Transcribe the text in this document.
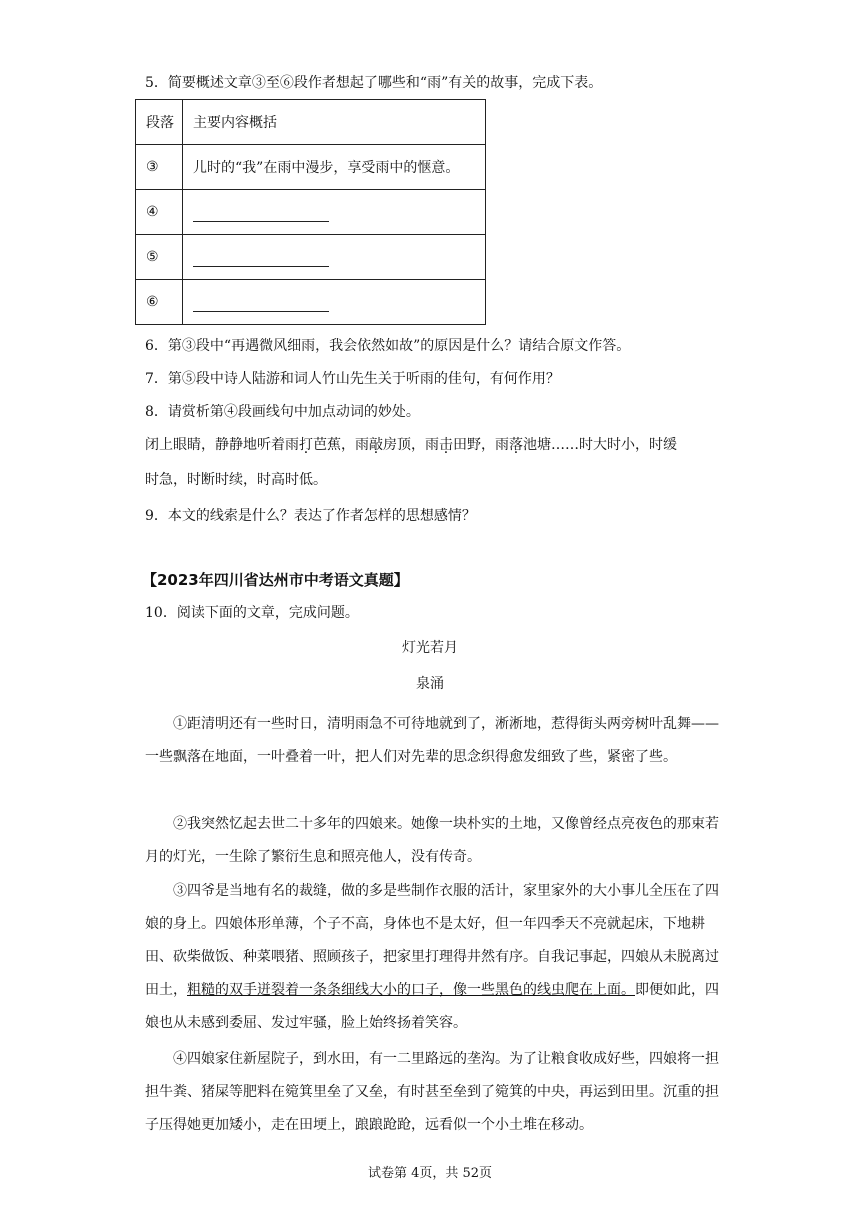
5．简要概述文章③至⑥段作者想起了哪些和“雨”有关的故事，完成下表。
段落	主要内容概括
③	儿时的“我”在雨中漫步，享受雨中的惬意。
④	
⑤	
⑥	
6．第③段中“再遇微风细雨，我会依然如故”的原因是什么？请结合原文作答。
7．第⑤段中诗人陆游和词人竹山先生关于听雨的佳句，有何作用？
8．请赏析第④段画线句中加点动词的妙处。
闭上眼睛，静静地听着雨打芭蕉，雨敲房顶，雨击田野，雨落池塘……时大时小，时缓
时急，时断时续，时高时低。
9．本文的线索是什么？表达了作者怎样的思想感情？
【2023年四川省达州市中考语文真题】
10．阅读下面的文章，完成问题。
灯光若月
泉涌
①距清明还有一些时日，清明雨急不可待地就到了，淅淅地，惹得街头两旁树叶乱舞——一些飘落在地面，一叶叠着一叶，把人们对先辈的思念织得愈发细致了些，紧密了些。
②我突然忆起去世二十多年的四娘来。她像一块朴实的土地，又像曾经点亮夜色的那束若月的灯光，一生除了繁衍生息和照亮他人，没有传奇。
③四爷是当地有名的裁缝，做的多是些制作衣服的活计，家里家外的大小事儿全压在了四娘的身上。四娘体形单薄，个子不高，身体也不是太好，但一年四季天不亮就起床，下地耕田、砍柴做饭、种菜喂猪、照顾孩子，把家里打理得井然有序。自我记事起，四娘从未脱离过田土，粗糙的双手迸裂着一条条细线大小的口子，像一些黑色的线虫爬在上面。即便如此，四娘也从未感到委屈、发过牢骚，脸上始终扬着笑容。
④四娘家住新屋院子，到水田，有一二里路远的垄沟。为了让粮食收成好些，四娘将一担担牛粪、猪屎等肥料在箢箕里垒了又垒，有时甚至垒到了箢箕的中央，再运到田里。沉重的担子压得她更加矮小，走在田埂上，踉踉跄跄，远看似一个小土堆在移动。
试卷第 4页，共 52页
